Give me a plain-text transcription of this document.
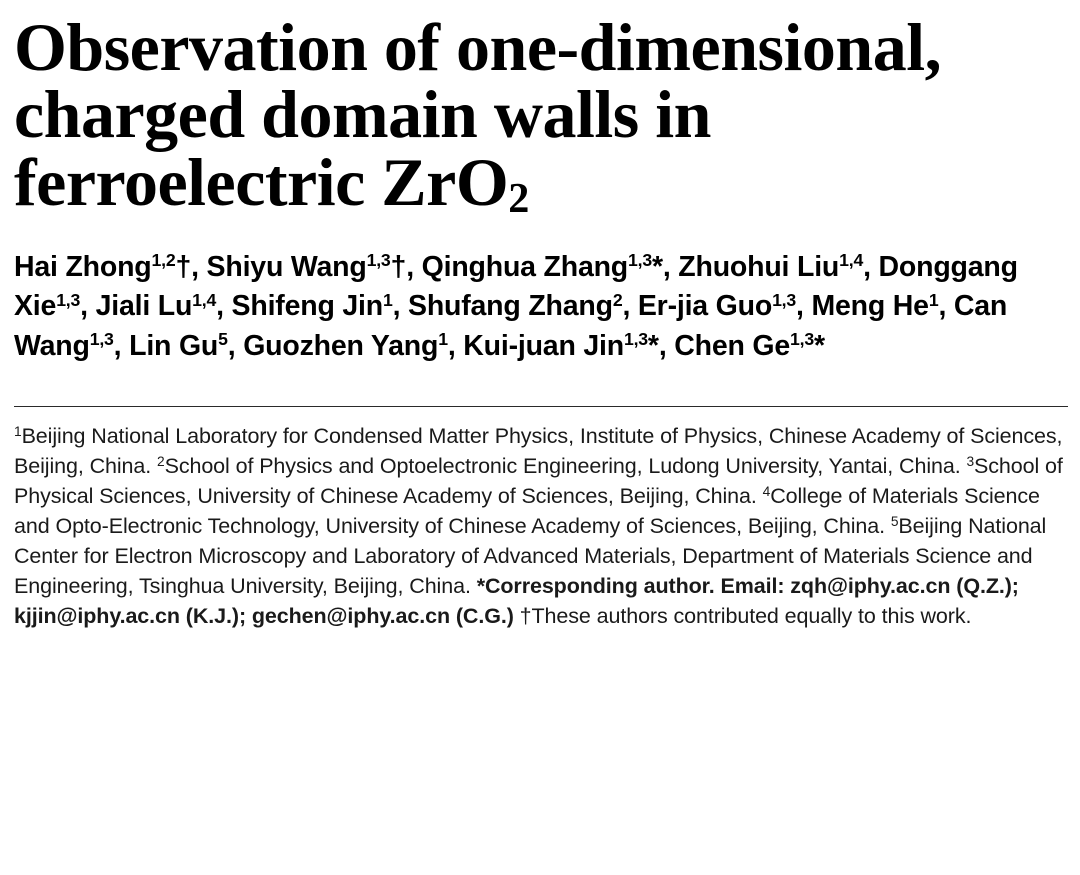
Observation of one-dimensional,
charged domain walls in
ferroelectric ZrO$_2$
Hai Zhong$^{1,2}$†, Shiyu Wang$^{1,3}$†, Qinghua Zhang$^{1,3}$*, Zhuohui Liu$^{1,4}$, Donggang Xie$^{1,3}$, Jiali Lu$^{1,4}$, Shifeng Jin$^1$, Shufang Zhang$^2$, Er-jia Guo$^{1,3}$, Meng He$^1$, Can Wang$^{1,3}$, Lin Gu$^5$, Guozhen Yang$^1$, Kui-juan Jin$^{1,3}$*, Chen Ge$^{1,3}$*
$^1$Beijing National Laboratory for Condensed Matter Physics, Institute of Physics, Chinese Academy of Sciences, Beijing, China. $^2$School of Physics and Optoelectronic Engineering, Ludong University, Yantai, China. $^3$School of Physical Sciences, University of Chinese Academy of Sciences, Beijing, China. $^4$College of Materials Science and Opto-Electronic Technology, University of Chinese Academy of Sciences, Beijing, China. $^5$Beijing National Center for Electron Microscopy and Laboratory of Advanced Materials, Department of Materials Science and Engineering, Tsinghua University, Beijing, China. *Corresponding author. Email: zqh@iphy.ac.cn (Q.Z.); kjjin@iphy.ac.cn (K.J.); gechen@iphy.ac.cn (C.G.) †These authors contributed equally to this work.
